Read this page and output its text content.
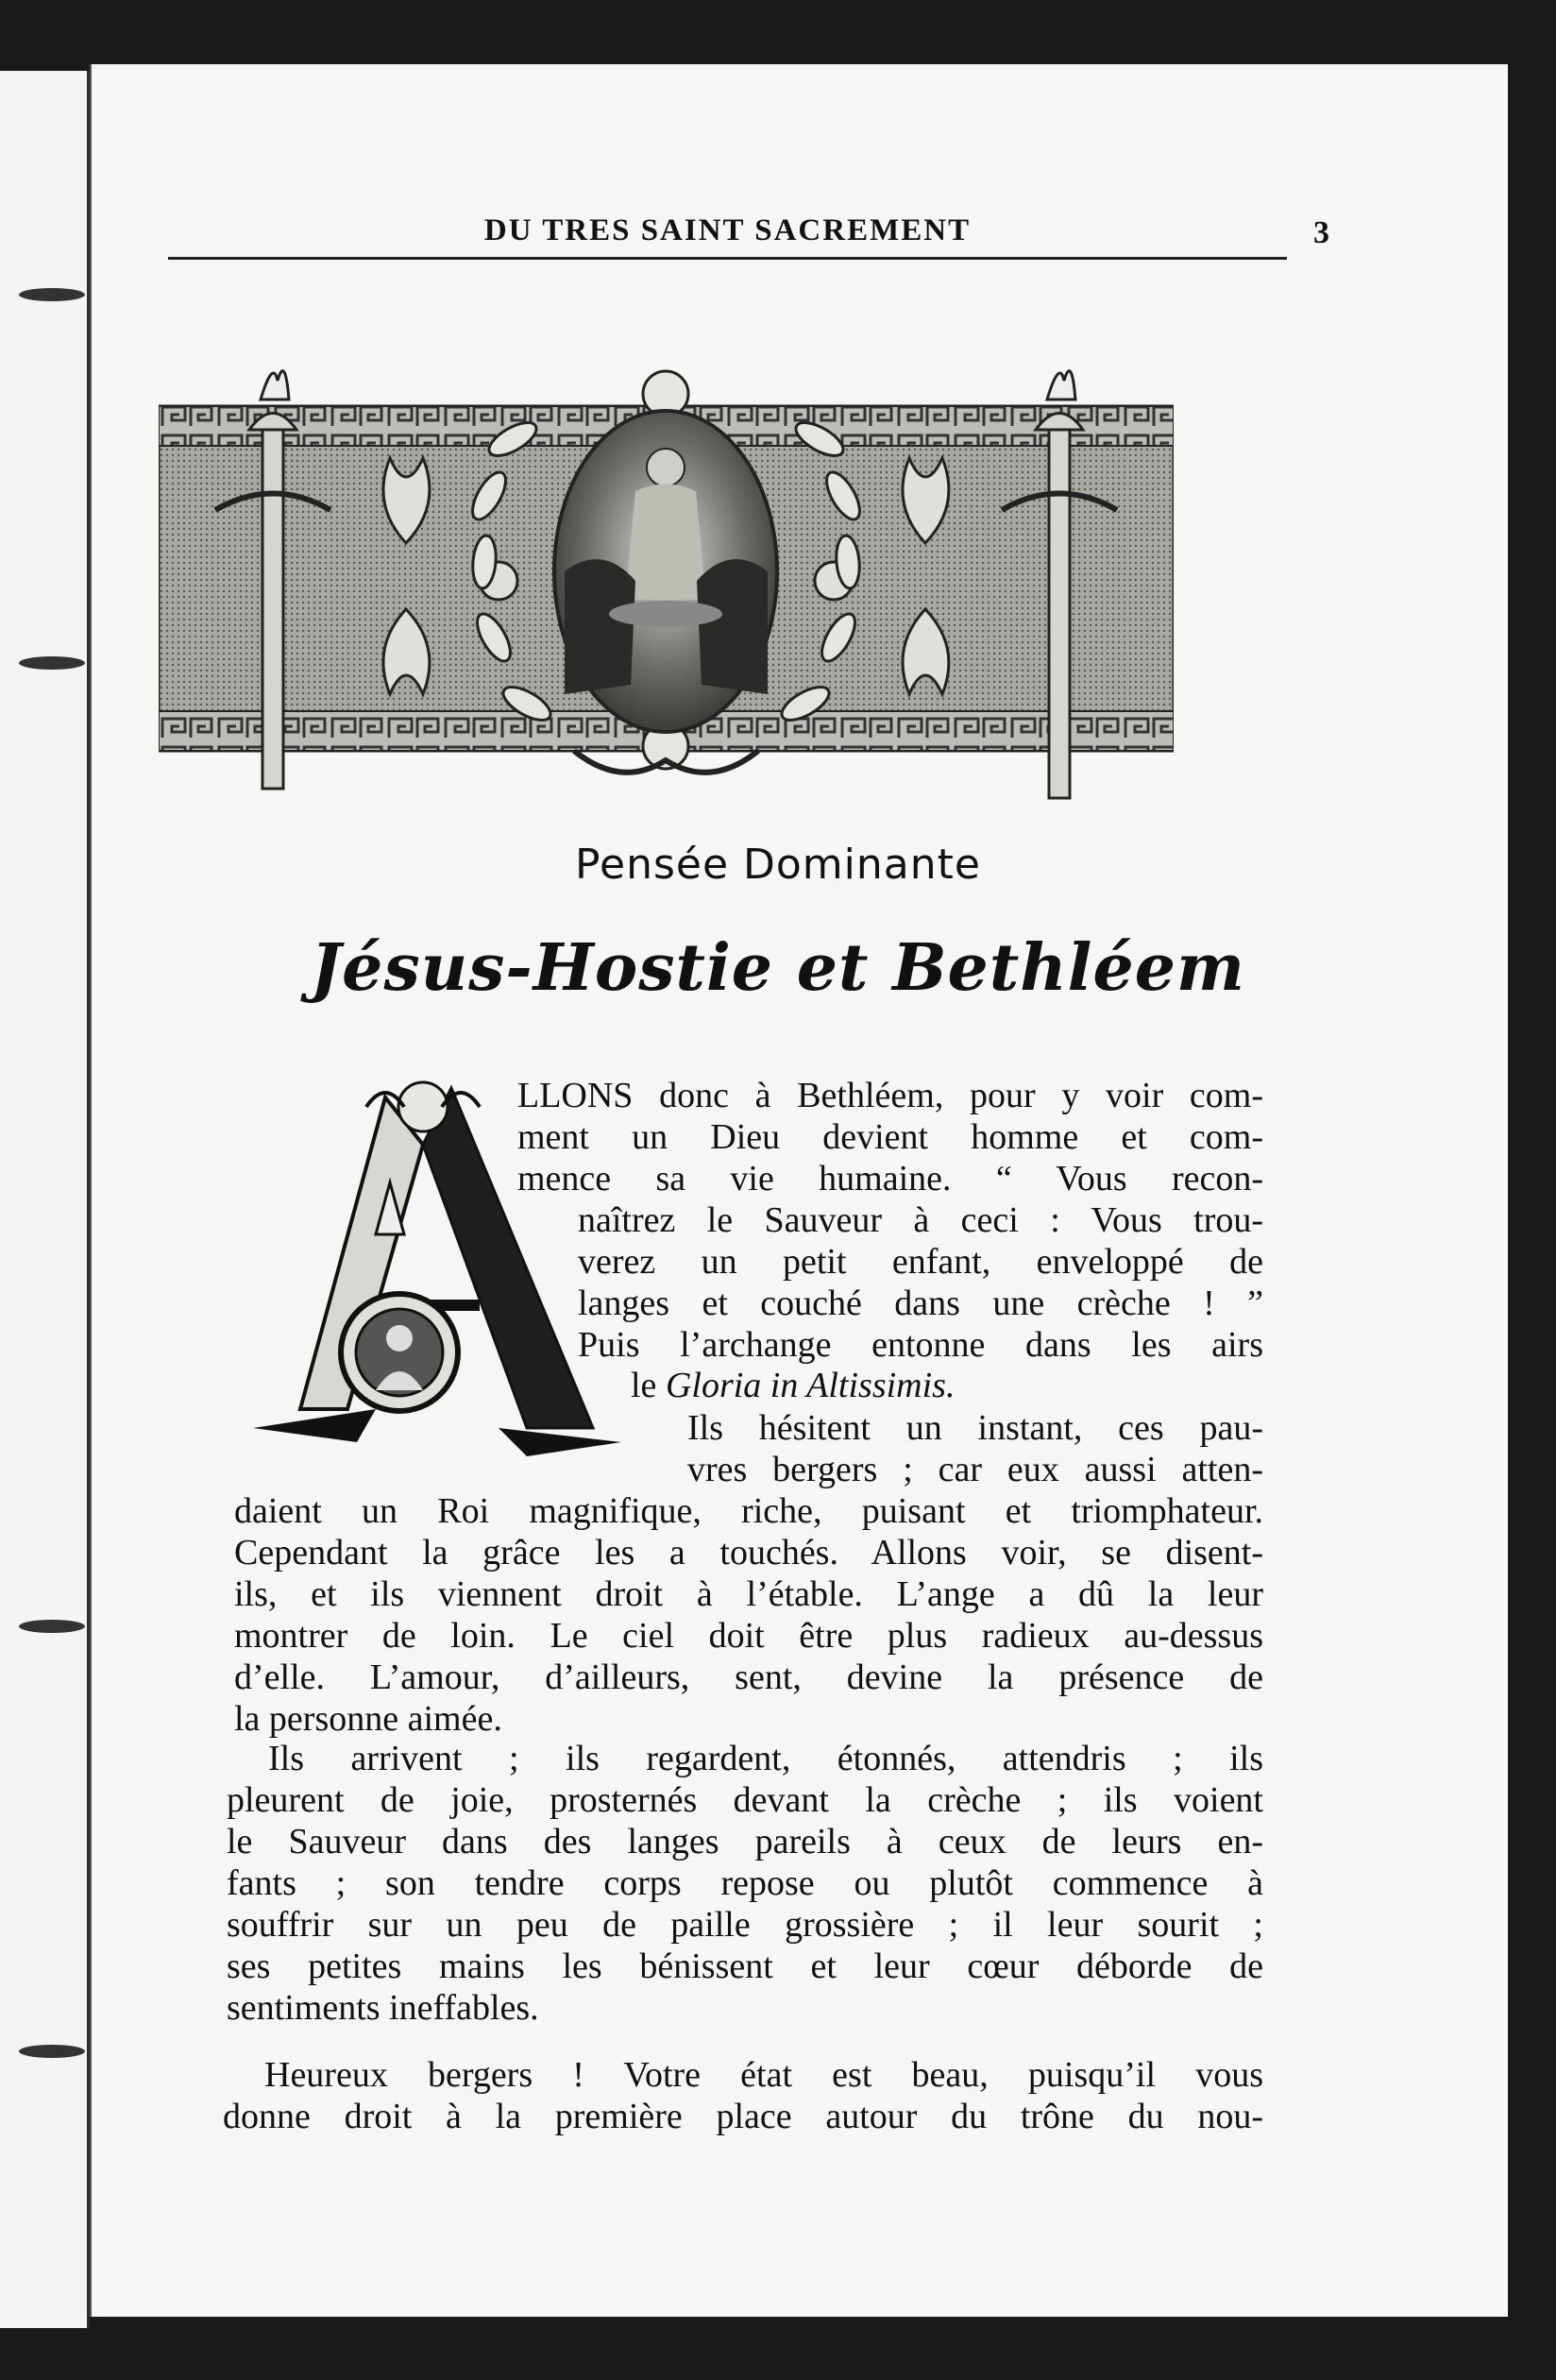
DU TRES SAINT SACREMENT	3
Pensée Dominante
Jésus-Hostie et Bethléem
A
LLONS donc à Bethléem, pour y voir com-
ment un Dieu devient homme et com-
mence sa vie humaine. “ Vous recon-
naîtrez le Sauveur à ceci : Vous trou-
verez un petit enfant, enveloppé de
langes et couché dans une crèche ! ”
Puis l’archange entonne dans les airs
le Gloria in Altissimis.
Ils hésitent un instant, ces pau-
vres bergers ; car eux aussi atten-
daient un Roi magnifique, riche, puisant et triomphateur.
Cependant la grâce les a touchés. Allons voir, se disent-
ils, et ils viennent droit à l’étable. L’ange a dû la leur
montrer de loin. Le ciel doit être plus radieux au-dessus
d’elle. L’amour, d’ailleurs, sent, devine la présence de
la personne aimée.
Ils arrivent ; ils regardent, étonnés, attendris ; ils
pleurent de joie, prosternés devant la crèche ; ils voient
le Sauveur dans des langes pareils à ceux de leurs en-
fants ; son tendre corps repose ou plutôt commence à
souffrir sur un peu de paille grossière ; il leur sourit ;
ses petites mains les bénissent et leur cœur déborde de
sentiments ineffables.
Heureux bergers ! Votre état est beau, puisqu’il vous
donne droit à la première place autour du trône du nou-
